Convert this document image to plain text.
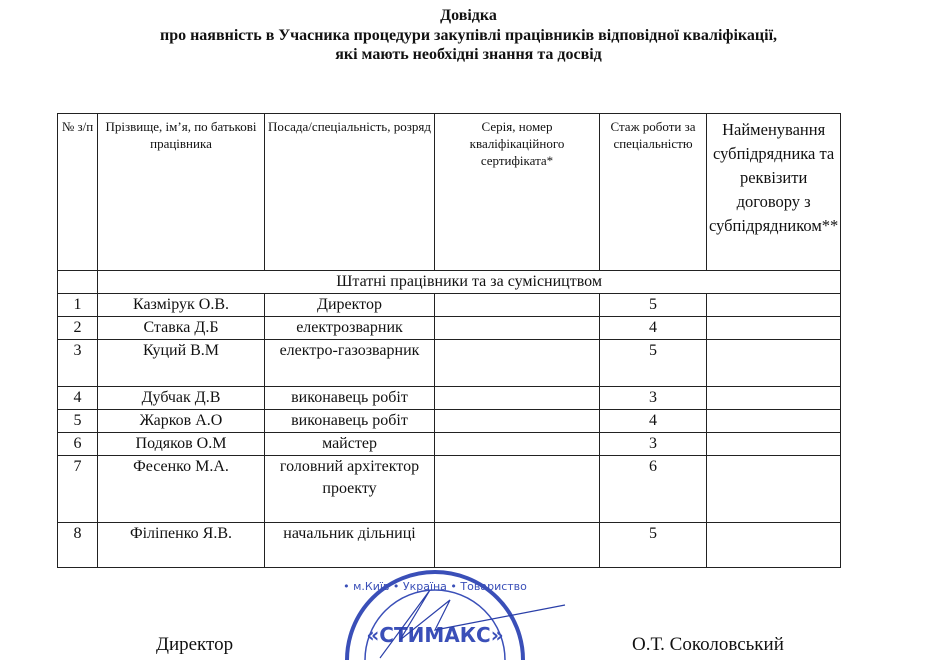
Довідка
про наявність в Учасника процедури закупівлі працівників відповідної кваліфікації,
які мають необхідні знання та досвід
№ з/п	Прізвище, ім’я, по батькові працівника	Посада/спеціальність, розряд	Серія, номер кваліфікаційного сертифіката*	Стаж роботи за спеціальністю	Найменування субпідрядника та реквізити договору з субпідрядником**
	Штатні працівники та за сумісництвом				
1	Казмірук О.В.	Директор		5	
2	Ставка Д.Б	електрозварник		4	
3	Куций В.М	електро-газозварник		5	
4	Дубчак Д.В	виконавець робіт		3	
5	Жарков А.О	виконавець робіт		4	
6	Подяков О.М	майстер		3	
7	Фесенко М.А.	головний архітектор проекту		6	
8	Філіпенко Я.В.	начальник дільниці		5	
• м.Київ • Україна • Товариство
«СТИМАКС»
Директор	О.Т. Соколовський
